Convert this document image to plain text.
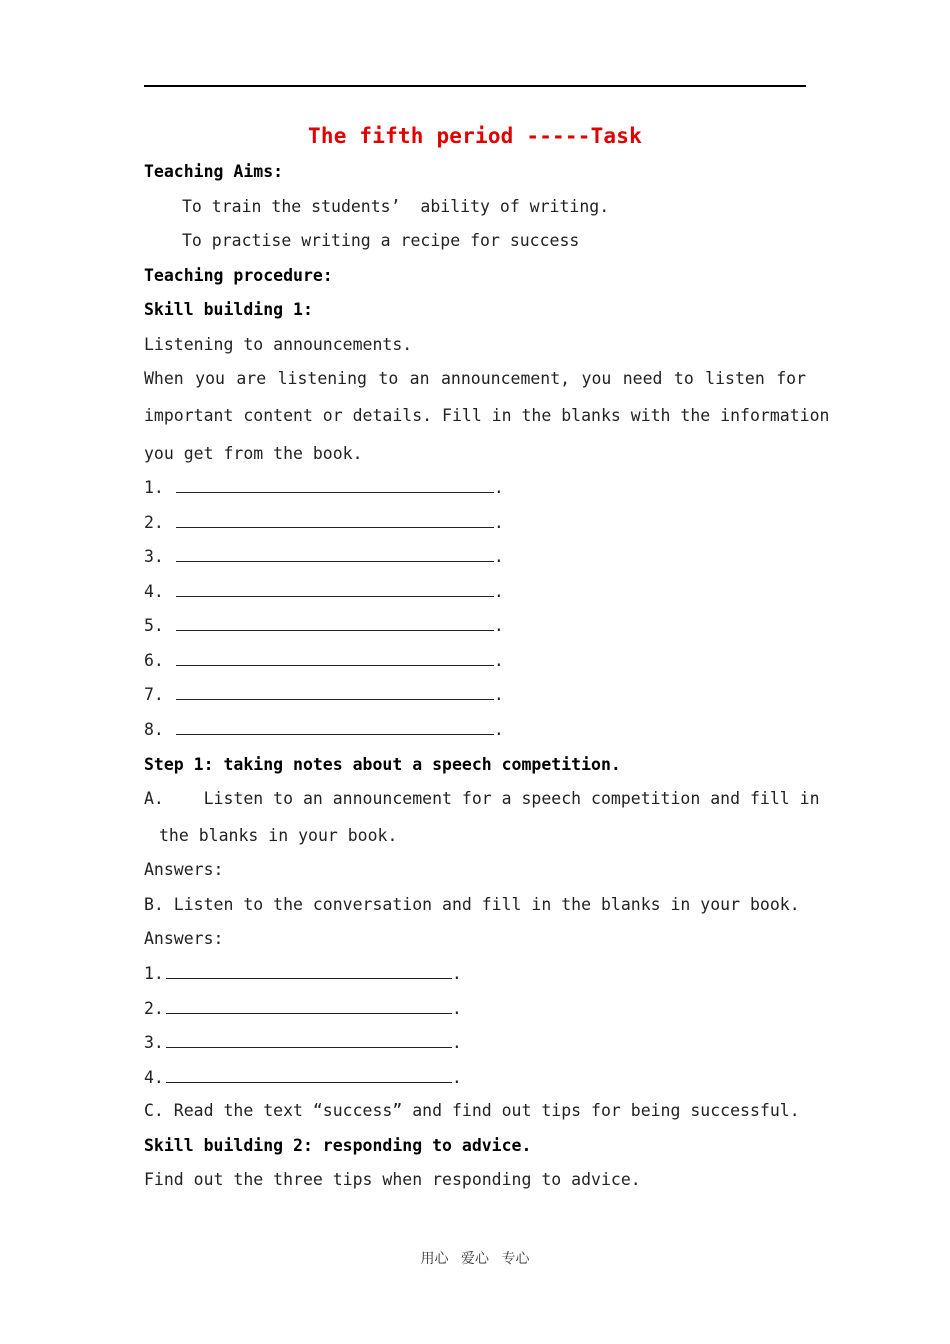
The fifth period -----Task
Teaching Aims:
To train the students’  ability of writing.
To practise writing a recipe for success
Teaching procedure:
Skill building 1:
Listening to announcements.
When you are listening to an announcement, you need to listen for
important content or details. Fill in the blanks with the information
you get from the book.
1.	.
2.	.
3.	.
4.	.
5.	.
6.	.
7.	.
8.	.
Step 1: taking notes about a speech competition.
A.    Listen to an announcement for a speech competition and fill in
the blanks in your book.
Answers:
B. Listen to the conversation and fill in the blanks in your book.
Answers:
1.	.
2.	.
3.	.
4.	.
C. Read the text “success” and find out tips for being successful.
Skill building 2: responding to advice.
Find out the three tips when responding to advice.
用心 爱心 专心
